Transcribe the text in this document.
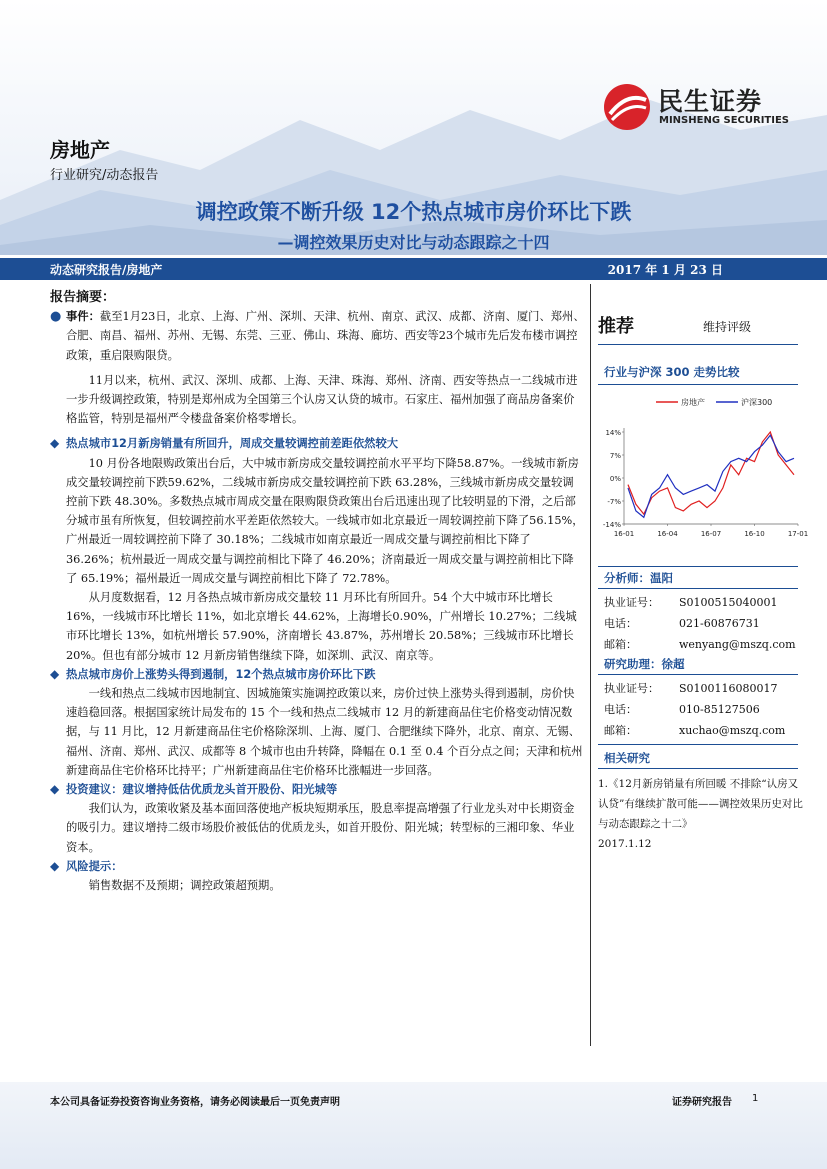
民生证券
MINSHENG SECURITIES
房地产
行业研究/动态报告
调控政策不断升级 12个热点城市房价环比下跌
—调控效果历史对比与动态跟踪之十四
动态研究报告/房地产	2017 年 1 月 23 日

报告摘要：

● 事件：截至1月23日，北京、上海、广州、深圳、天津、杭州、南京、武汉、成都、济南、厦门、郑州、合肥、南昌、福州、苏州、无锡、东莞、三亚、佛山、珠海、廊坊、西安等23个城市先后发布楼市调控政策，重启限购限贷。

11月以来，杭州、武汉、深圳、成都、上海、天津、珠海、郑州、济南、西安等热点一二线城市进一步升级调控政策，特别是郑州成为全国第三个认房又认贷的城市。石家庄、福州加强了商品房备案价格监管，特别是福州严令楼盘备案价格零增长。

◆ 热点城市12月新房销量有所回升，周成交量较调控前差距依然较大

10 月份各地限购政策出台后，大中城市新房成交量较调控前水平平均下降58.87%。一线城市新房成交量较调控前下跌59.62%，二线城市新房成交量较调控前下跌 63.28%，三线城市新房成交量较调控前下跌 48.30%。多数热点城市周成交量在限购限贷政策出台后迅速出现了比较明显的下滑，之后部分城市虽有所恢复，但较调控前水平差距依然较大。一线城市如北京最近一周较调控前下降了56.15%，广州最近一周较调控前下降了 30.18%；二线城市如南京最近一周成交量与调控前相比下降了 36.26%；杭州最近一周成交量与调控前相比下降了 46.20%；济南最近一周成交量与调控前相比下降了 65.19%；福州最近一周成交量与调控前相比下降了 72.78%。

从月度数据看，12 月各热点城市新房成交量较 11 月环比有所回升。54 个大中城市环比增长 16%，一线城市环比增长 11%，如北京增长 44.62%，上海增长0.90%，广州增长 10.27%；二线城市环比增长 13%，如杭州增长 57.90%，济南增长 43.87%，苏州增长 20.58%；三线城市环比增长 20%。但也有部分城市 12 月新房销售继续下降，如深圳、武汉、南京等。

◆ 热点城市房价上涨势头得到遏制，12个热点城市房价环比下跌

一线和热点二线城市因地制宜、因城施策实施调控政策以来，房价过快上涨势头得到遏制，房价快速趋稳回落。根据国家统计局发布的 15 个一线和热点二线城市 12 月的新建商品住宅价格变动情况数据，与 11 月比，12 月新建商品住宅价格除深圳、上海、厦门、合肥继续下降外，北京、南京、无锡、福州、济南、郑州、武汉、成都等 8 个城市也由升转降，降幅在 0.1 至 0.4 个百分点之间；天津和杭州新建商品住宅价格环比持平；广州新建商品住宅价格环比涨幅进一步回落。

◆ 投资建议：建议增持低估优质龙头首开股份、阳光城等

我们认为，政策收紧及基本面回落使地产板块短期承压，股息率提高增强了行业龙头对中长期资金的吸引力。建议增持二级市场股价被低估的优质龙头，如首开股份、阳光城；转型标的三湘印象、华业资本。

◆ 风险提示：

销售数据不及预期；调控政策超预期。

推荐	维持评级
行业与沪深 300 走势比较
房地产	沪深300
14%
7%
0%
-7%
-14%
16-01	16-04	16-07	16-10	17-01
分析师：温阳
执业证号： S0100515040001
电话：	021-60876731
邮箱：	wenyang@mszq.com
研究助理：徐超
执业证号： S0100116080017
电话：	010-85127506
邮箱：	xuchao@mszq.com
相关研究
1.《12月新房销量有所回暖 不排除“认房又认贷”有继续扩散可能——调控效果历史对比与动态跟踪之十二》
2017.1.12
本公司具备证券投资咨询业务资格，请务必阅读最后一页免责声明	证券研究报告 1
